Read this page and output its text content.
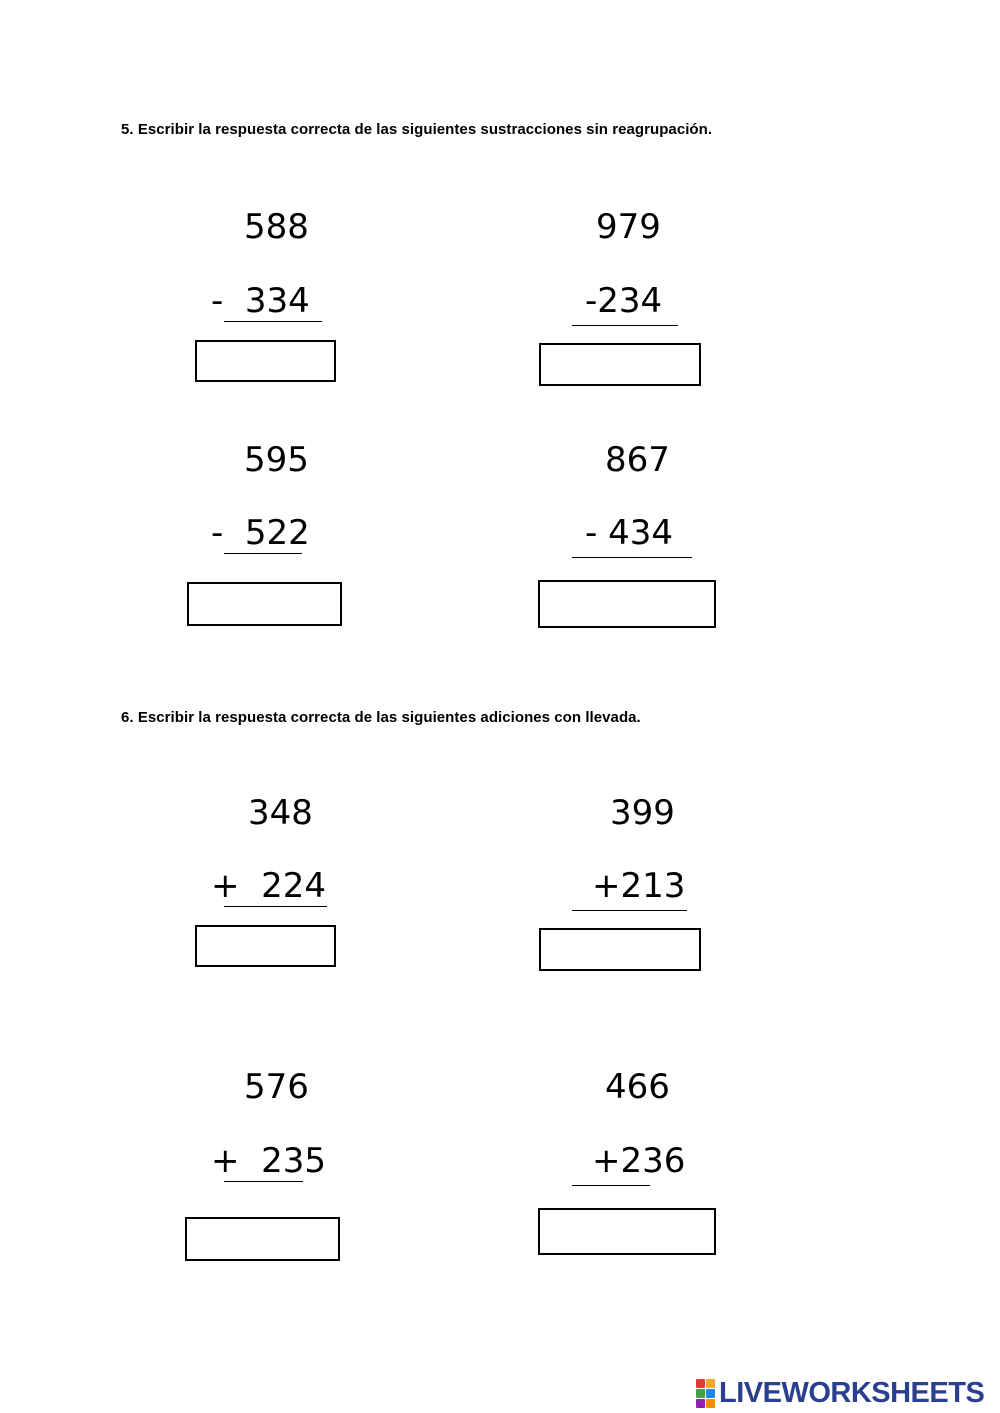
5. Escribir la respuesta correcta de las siguientes sustracciones sin reagrupación.

588
-  334
979
-234
595
-  522
867
- 434

6. Escribir la respuesta correcta de las siguientes adiciones con llevada.

348
+  224
399
+213
576
+  235
466
+236
LIVEWORKSHEETS
